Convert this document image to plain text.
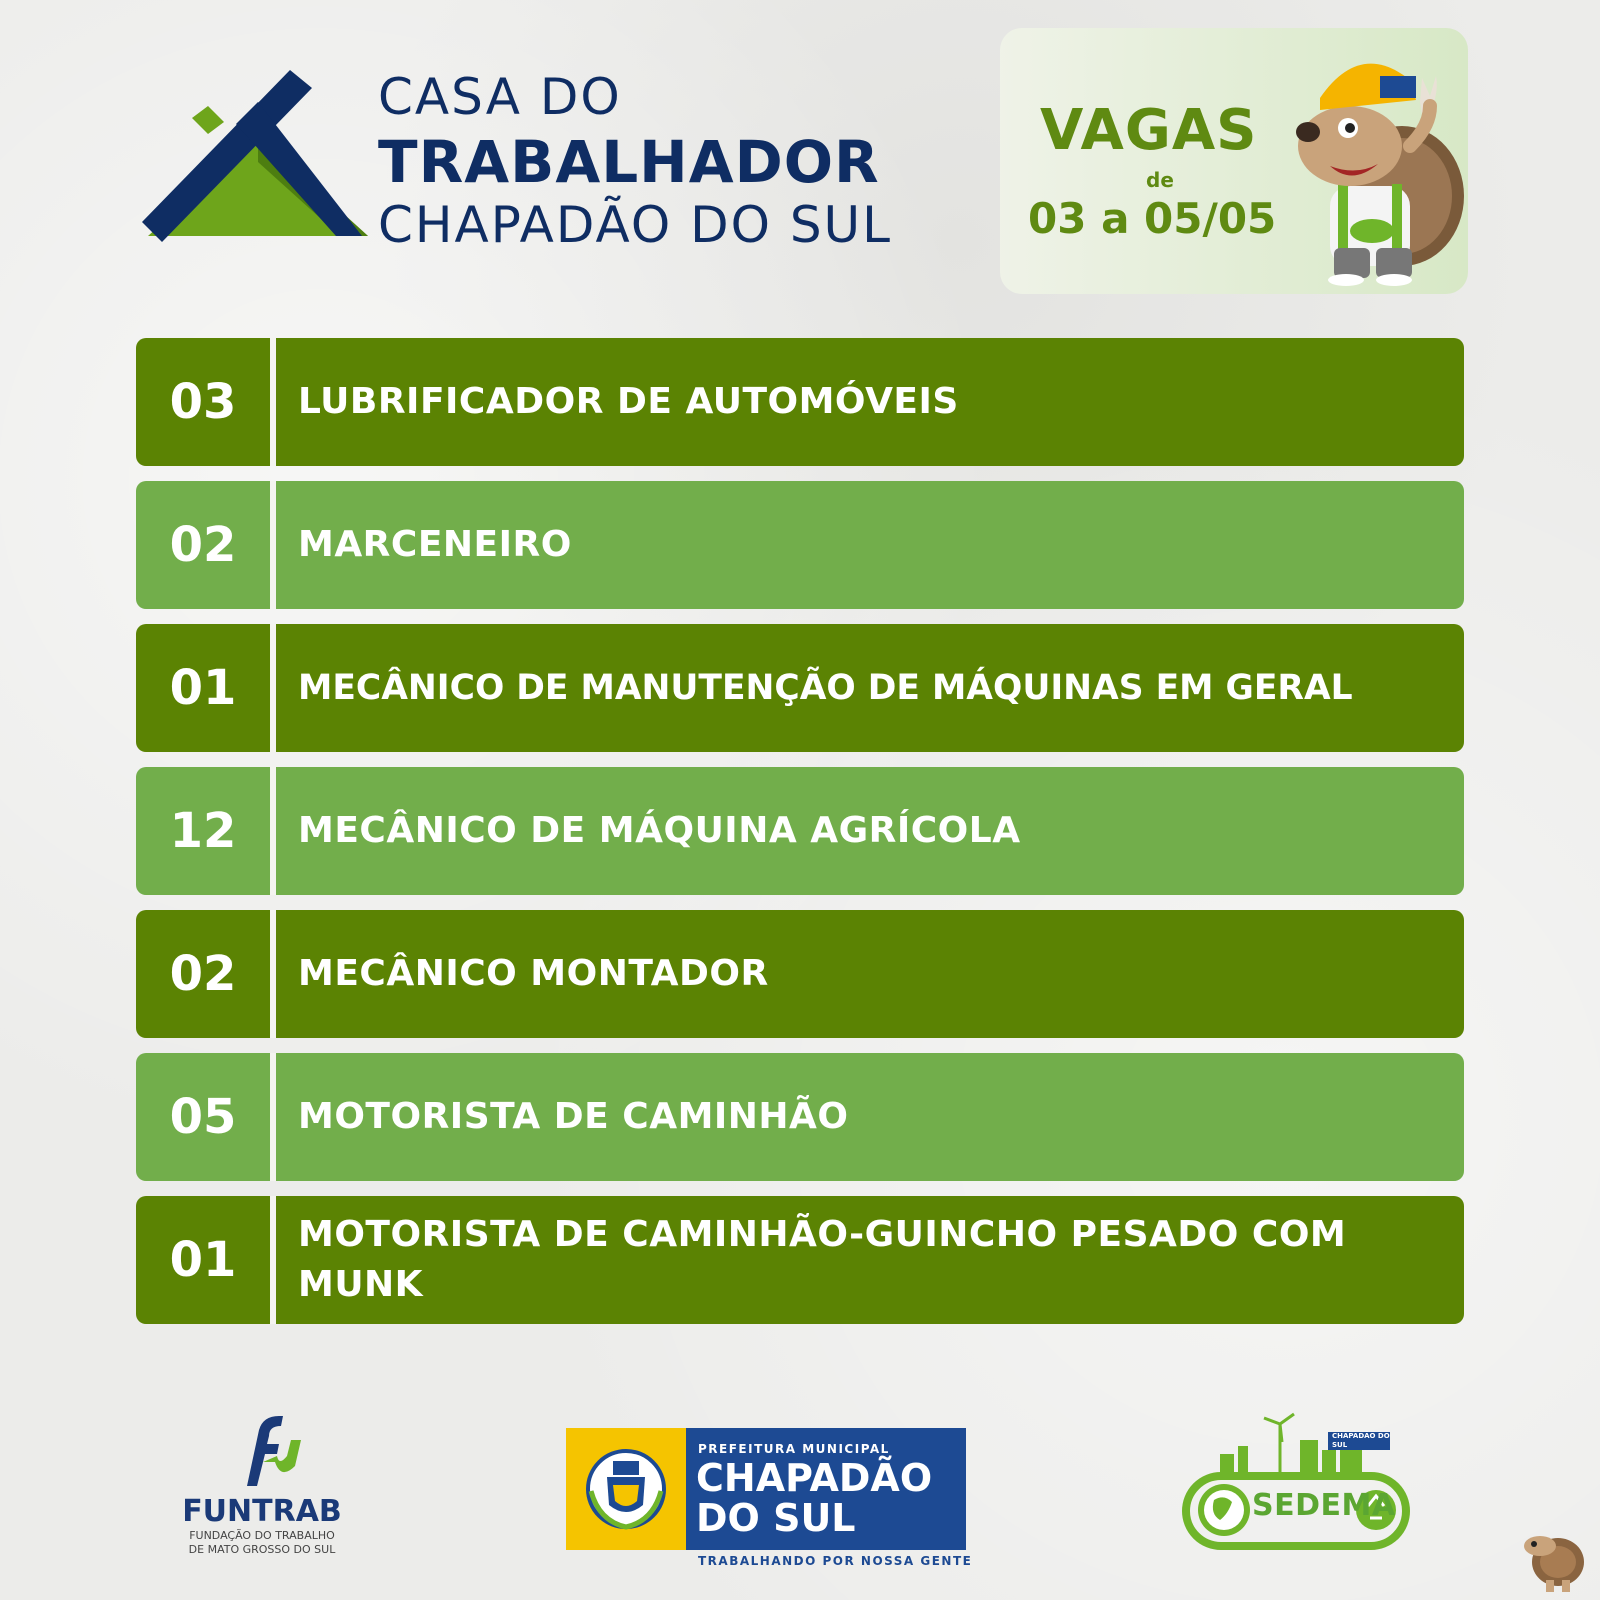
CASA DO
TRABALHADOR
CHAPADÃO DO SUL
VAGAS
de
03 a 05/05
03	LUBRIFICADOR DE AUTOMÓVEIS
02	MARCENEIRO
01	MECÂNICO DE MANUTENÇÃO DE MÁQUINAS EM GERAL
12	MECÂNICO DE MÁQUINA AGRÍCOLA
02	MECÂNICO MONTADOR
05	MOTORISTA DE CAMINHÃO
01	MOTORISTA DE CAMINHÃO-GUINCHO PESADO COM MUNK
FUNTRAB
FUNDAÇÃO DO TRABALHO
DE MATO GROSSO DO SUL
PREFEITURA MUNICIPAL
CHAPADÃO
DO SUL
TRABALHANDO POR NOSSA GENTE
SEDEMA
CHAPADÃO DO SUL
